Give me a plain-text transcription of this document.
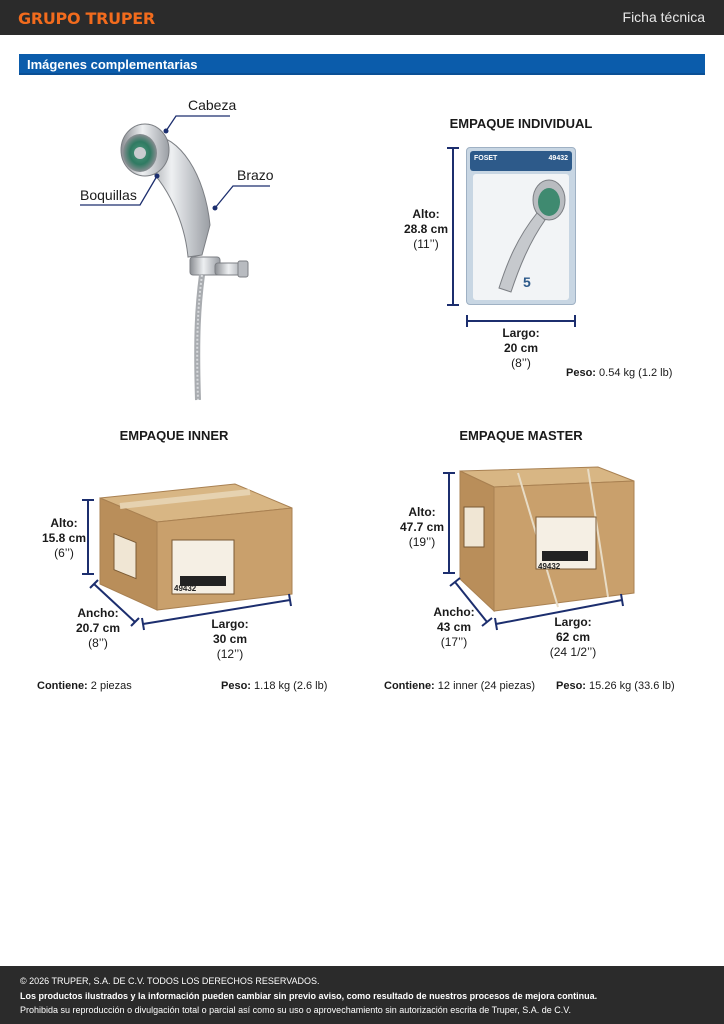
GRUPO TRUPER	Ficha técnica
Imágenes complementarias
Cabeza
Brazo
Boquillas
EMPAQUE INDIVIDUAL
FOSET	49432
5
Alto:
28.8 cm
(11’’)
Largo:
20 cm
(8’’)
Peso: 0.54 kg (1.2 lb)
EMPAQUE INNER
49432
Alto:
15.8 cm
(6’’)
Ancho:
20.7 cm
(8’’)
Largo:
30 cm
(12’’)
Contiene: 2 piezas	Peso: 1.18 kg (2.6 lb)
EMPAQUE MASTER
49432
Alto:
47.7 cm
(19’’)
Ancho:
43 cm
(17’’)
Largo:
62 cm
(24 1/2’’)
Contiene: 12 inner (24 piezas) Peso: 15.26 kg (33.6 lb)
© 2026 TRUPER, S.A. DE C.V. TODOS LOS DERECHOS RESERVADOS.
Los productos ilustrados y la información pueden cambiar sin previo aviso, como resultado de nuestros procesos de mejora continua.
Prohibida su reproducción o divulgación total o parcial así como su uso o aprovechamiento sin autorización escrita de Truper, S.A. de C.V.
